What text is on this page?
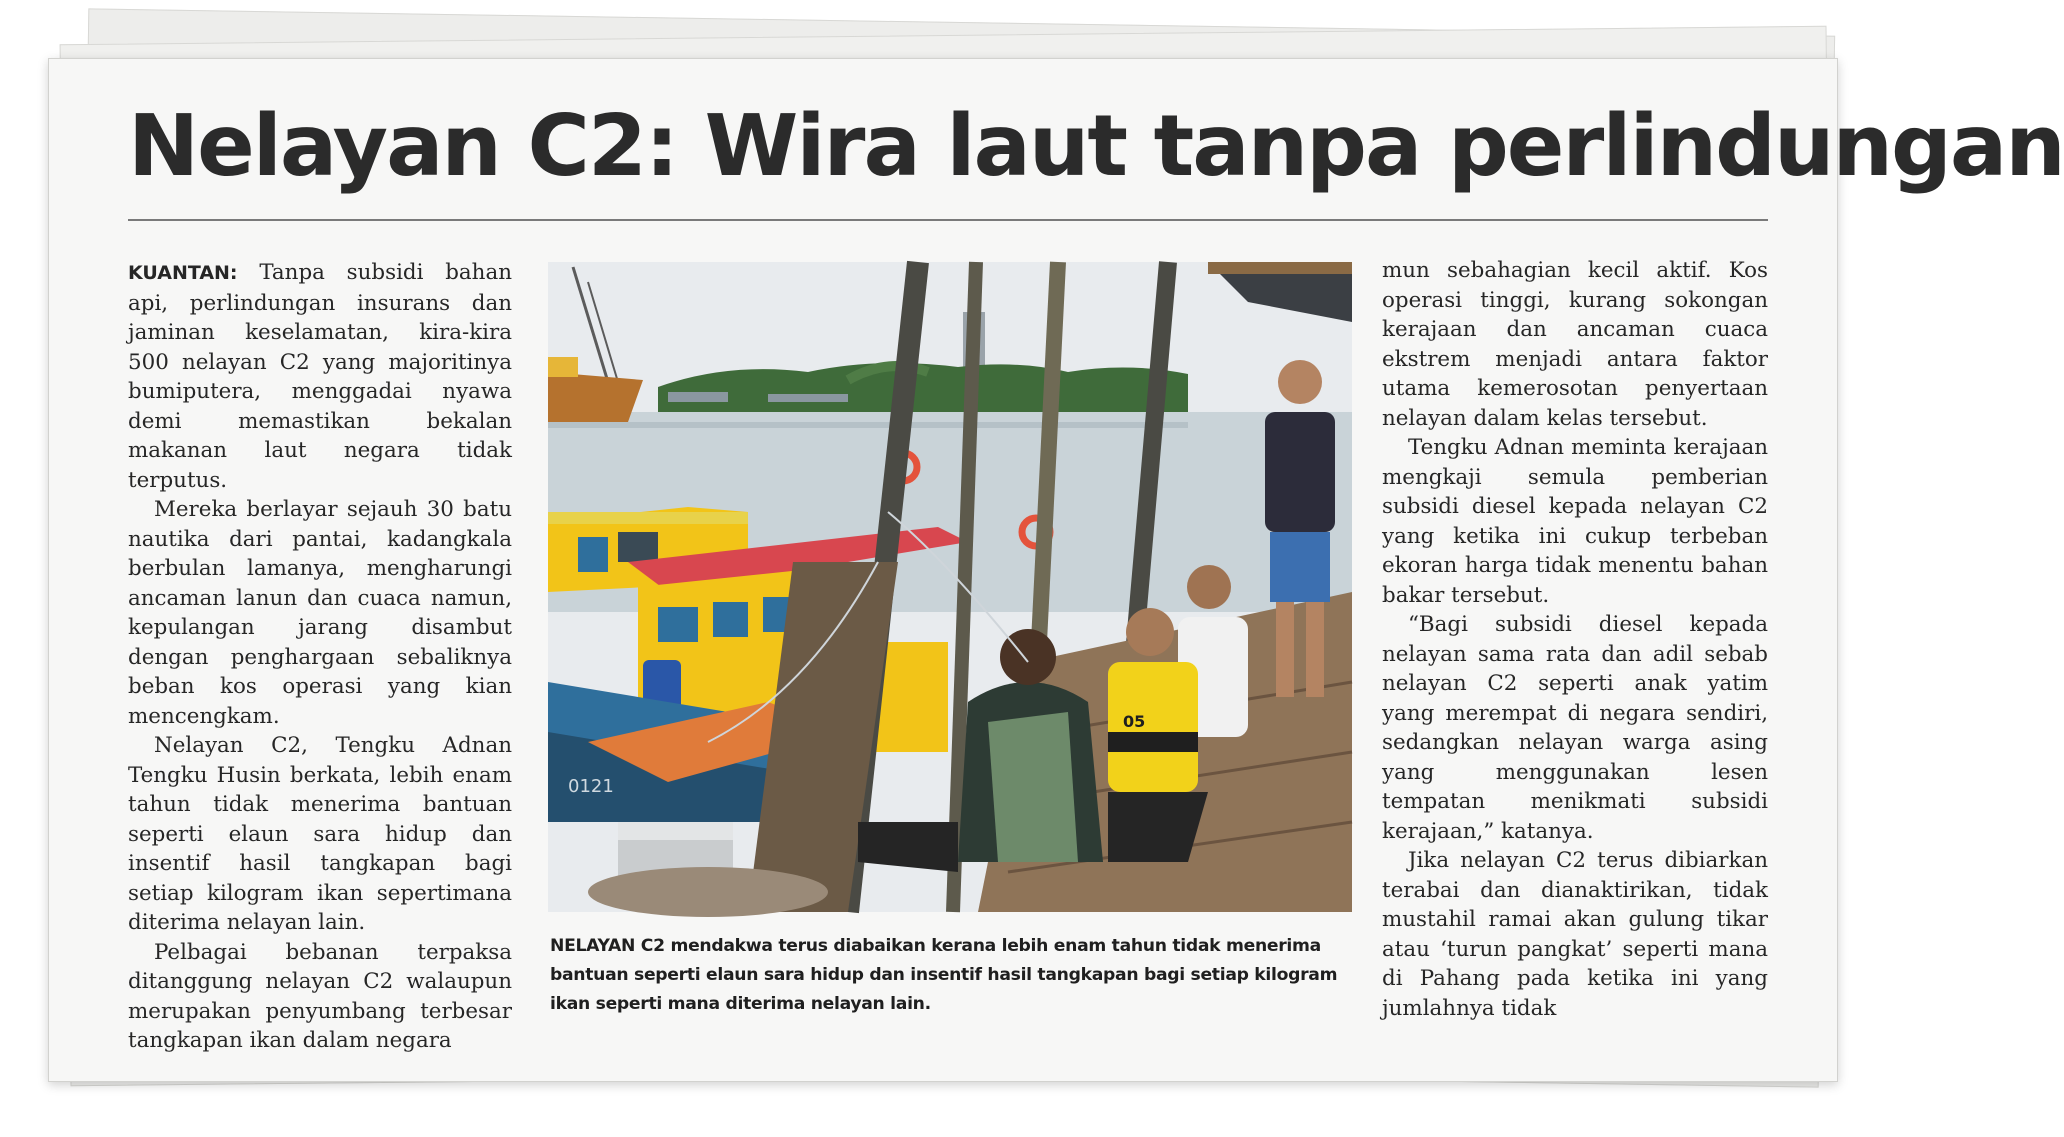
Nelayan C2: Wira laut tanpa perlindungan

KUANTAN: Tanpa subsidi bahan api, perlindungan insurans dan jaminan keselamatan, kira-kira 500 nelayan C2 yang majoritinya bumiputera, menggadai nyawa demi memastikan bekalan makanan laut negara tidak terputus.

Mereka berlayar sejauh 30 batu nautika dari pantai, kadangkala berbulan lamanya, mengharungi ancaman lanun dan cuaca namun, kepulangan jarang disambut dengan penghargaan sebaliknya beban kos operasi yang kian mencengkam.

Nelayan C2, Tengku Adnan Tengku Husin berkata, lebih enam tahun tidak menerima bantuan seperti elaun sara hidup dan insentif hasil tangkapan bagi setiap kilogram ikan sepertimana diterima nelayan lain.

Pelbagai bebanan terpaksa ditanggung nelayan C2 walaupun merupakan penyumbang terbesar tangkapan ikan dalam negara

0121
05
NELAYAN C2 mendakwa terus diabaikan kerana lebih enam tahun tidak menerima bantuan seperti elaun sara hidup dan insentif hasil tangkapan bagi setiap kilogram ikan seperti mana diterima nelayan lain.

mun sebahagian kecil aktif. Kos operasi tinggi, kurang sokongan kerajaan dan ancaman cuaca ekstrem menjadi antara faktor utama kemerosotan penyertaan nelayan dalam kelas tersebut.

Tengku Adnan meminta kerajaan mengkaji semula pemberian subsidi diesel kepada nelayan C2 yang ketika ini cukup terbeban ekoran harga tidak menentu bahan bakar tersebut.

“Bagi subsidi diesel kepada nelayan sama rata dan adil sebab nelayan C2 seperti anak yatim yang merempat di negara sendiri, sedangkan nelayan warga asing yang menggunakan lesen tempatan menikmati subsidi kerajaan,” katanya.

Jika nelayan C2 terus dibiarkan terabai dan dianaktirikan, tidak mustahil ramai akan gulung tikar atau ‘turun pangkat’ seperti mana di Pahang pada ketika ini yang jumlahnya tidak
